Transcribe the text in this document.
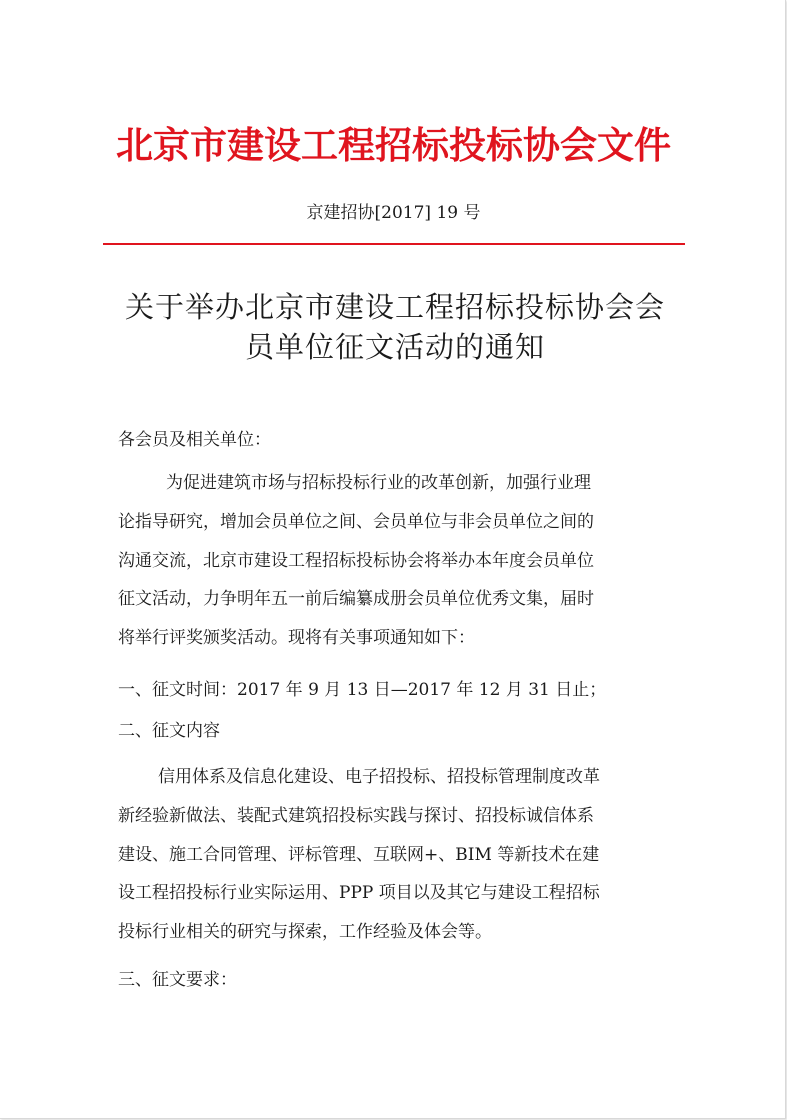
北京市建设工程招标投标协会文件
京建招协[2017] 19 号
关于举办北京市建设工程招标投标协会会
员单位征文活动的通知
各会员及相关单位：
为促进建筑市场与招标投标行业的改革创新，加强行业理
论指导研究，增加会员单位之间、会员单位与非会员单位之间的
沟通交流，北京市建设工程招标投标协会将举办本年度会员单位
征文活动，力争明年五一前后编纂成册会员单位优秀文集，届时
将举行评奖颁奖活动。现将有关事项通知如下：
一、征文时间：2017 年 9 月 13 日—2017 年 12 月 31 日止；
二、征文内容
信用体系及信息化建设、电子招投标、招投标管理制度改革
新经验新做法、装配式建筑招投标实践与探讨、招投标诚信体系
建设、施工合同管理、评标管理、互联网+、BIM 等新技术在建
设工程招投标行业实际运用、PPP 项目以及其它与建设工程招标
投标行业相关的研究与探索，工作经验及体会等。
三、征文要求：
